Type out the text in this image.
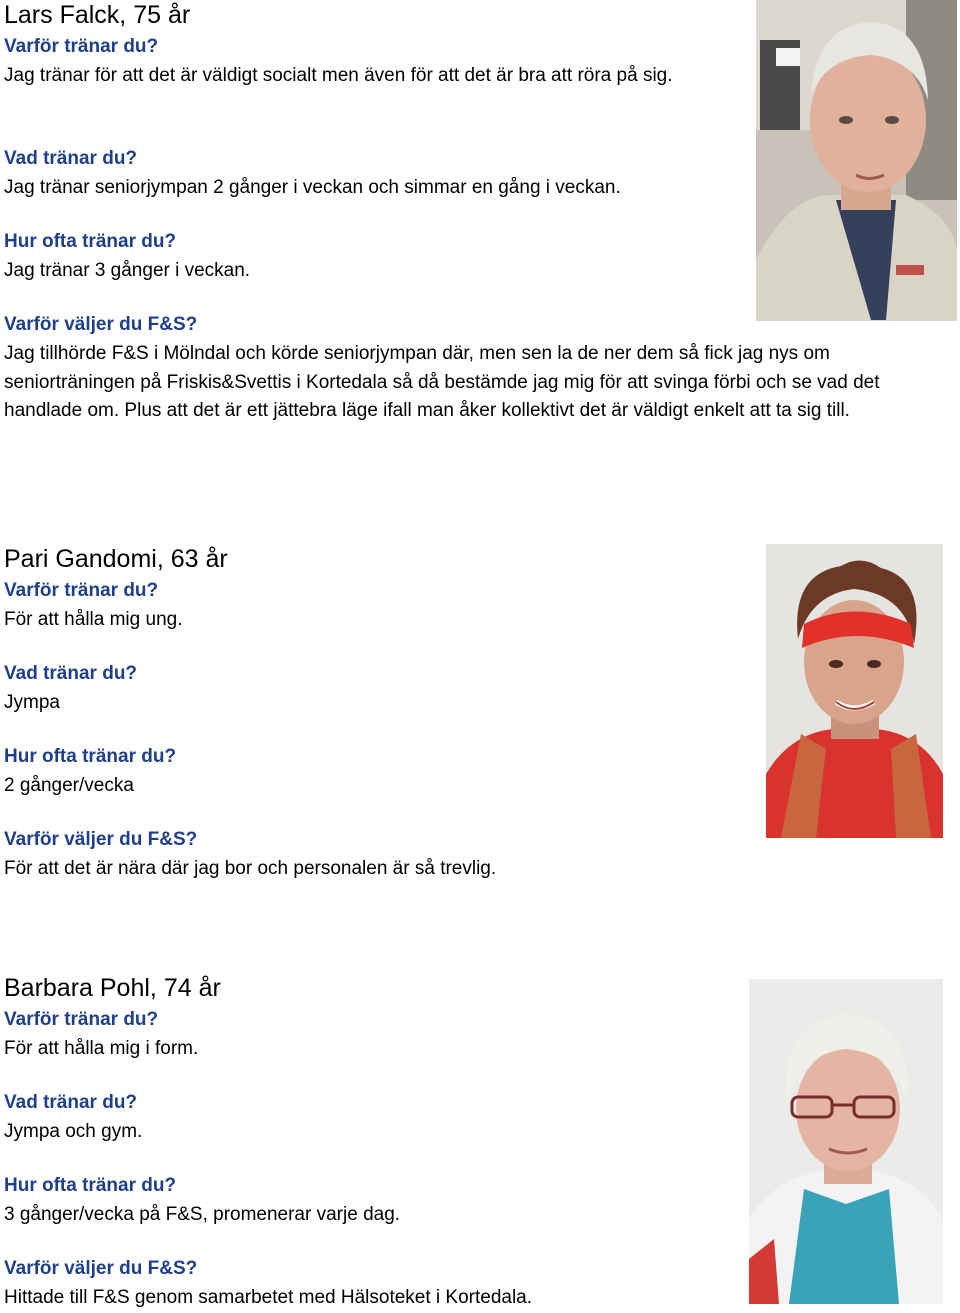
Lars Falck, 75 år
Varför tränar du?
Jag tränar för att det är väldigt socialt men även för att det är bra att röra på sig.
Vad tränar du?
Jag tränar seniorjympan 2 gånger i veckan och simmar en gång i veckan.
Hur ofta tränar du?
Jag tränar 3 gånger i veckan.
Varför väljer du F&S?
Jag tillhörde F&S i Mölndal och körde seniorjympan där, men sen la de ner dem så fick jag nys om seniorträningen på Friskis&Svettis i Kortedala så då bestämde jag mig för att svinga förbi och se vad det handlade om. Plus att det är ett jättebra läge ifall man åker kollektivt det är väldigt enkelt att ta sig till.
Pari Gandomi, 63 år
Varför tränar du?
För att hålla mig ung.
Vad tränar du?
Jympa
Hur ofta tränar du?
2 gånger/vecka
Varför väljer du F&S?
För att det är nära där jag bor och personalen är så trevlig.
Barbara Pohl, 74 år
Varför tränar du?
För att hålla mig i form.
Vad tränar du?
Jympa och gym.
Hur ofta tränar du?
3 gånger/vecka på F&S, promenerar varje dag.
Varför väljer du F&S?
Hittade till F&S genom samarbetet med Hälsoteket i Kortedala.
